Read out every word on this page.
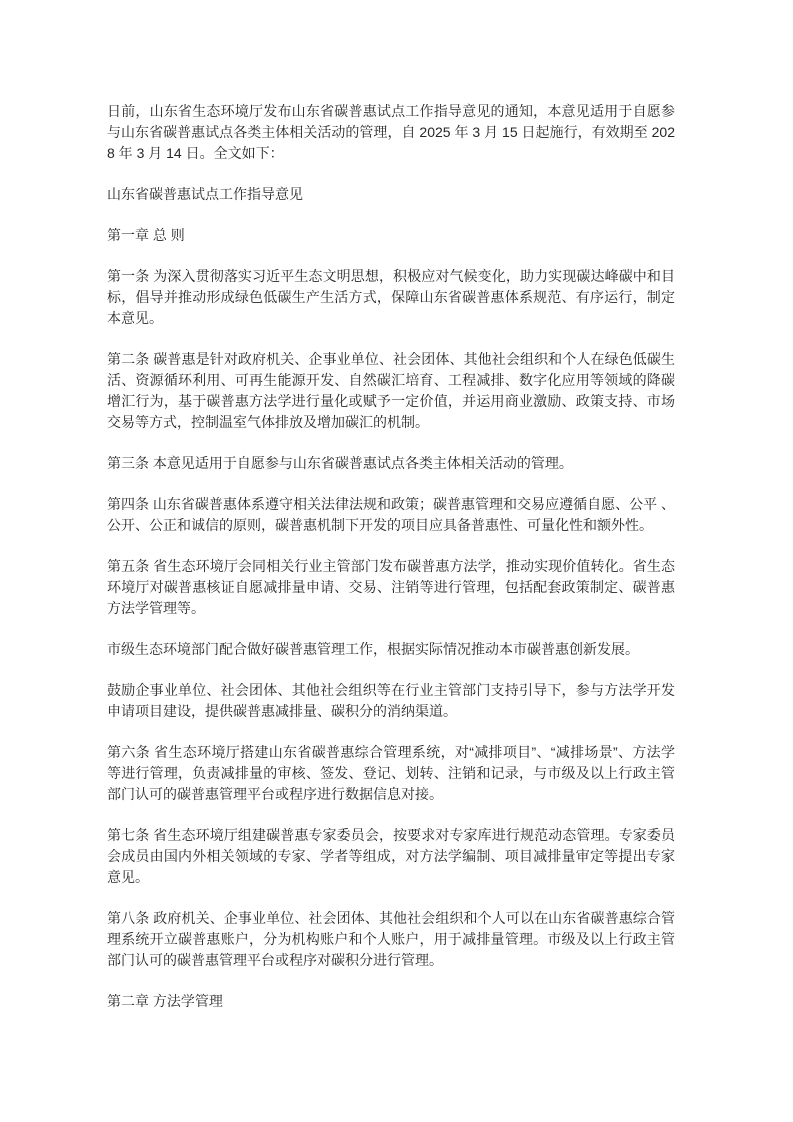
日前，山东省生态环境厅发布山东省碳普惠试点工作指导意见的通知，本意见适用于自愿参与山东省碳普惠试点各类主体相关活动的管理，自 2025 年 3 月 15 日起施行，有效期至 2028 年 3 月 14 日。全文如下：

山东省碳普惠试点工作指导意见

第一章 总 则

第一条 为深入贯彻落实习近平生态文明思想，积极应对气候变化，助力实现碳达峰碳中和目标，倡导并推动形成绿色低碳生产生活方式，保障山东省碳普惠体系规范、有序运行，制定本意见。

第二条 碳普惠是针对政府机关、企事业单位、社会团体、其他社会组织和个人在绿色低碳生活、资源循环利用、可再生能源开发、自然碳汇培育、工程减排、数字化应用等领域的降碳增汇行为，基于碳普惠方法学进行量化或赋予一定价值，并运用商业激励、政策支持、市场交易等方式，控制温室气体排放及增加碳汇的机制。

第三条 本意见适用于自愿参与山东省碳普惠试点各类主体相关活动的管理。

第四条 山东省碳普惠体系遵守相关法律法规和政策；碳普惠管理和交易应遵循自愿、公平 、公开、公正和诚信的原则，碳普惠机制下开发的项目应具备普惠性、可量化性和额外性。

第五条 省生态环境厅会同相关行业主管部门发布碳普惠方法学，推动实现价值转化。省生态环境厅对碳普惠核证自愿减排量申请、交易、注销等进行管理，包括配套政策制定、碳普惠方法学管理等。

市级生态环境部门配合做好碳普惠管理工作，根据实际情况推动本市碳普惠创新发展。

鼓励企事业单位、社会团体、其他社会组织等在行业主管部门支持引导下，参与方法学开发申请项目建设，提供碳普惠减排量、碳积分的消纳渠道。

第六条 省生态环境厅搭建山东省碳普惠综合管理系统，对“减排项目”、“减排场景”、方法学等进行管理，负责减排量的审核、签发、登记、划转、注销和记录，与市级及以上行政主管部门认可的碳普惠管理平台或程序进行数据信息对接。

第七条 省生态环境厅组建碳普惠专家委员会，按要求对专家库进行规范动态管理。专家委员会成员由国内外相关领域的专家、学者等组成，对方法学编制、项目减排量审定等提出专家意见。

第八条 政府机关、企事业单位、社会团体、其他社会组织和个人可以在山东省碳普惠综合管理系统开立碳普惠账户，分为机构账户和个人账户，用于减排量管理。市级及以上行政主管部门认可的碳普惠管理平台或程序对碳积分进行管理。

第二章 方法学管理
